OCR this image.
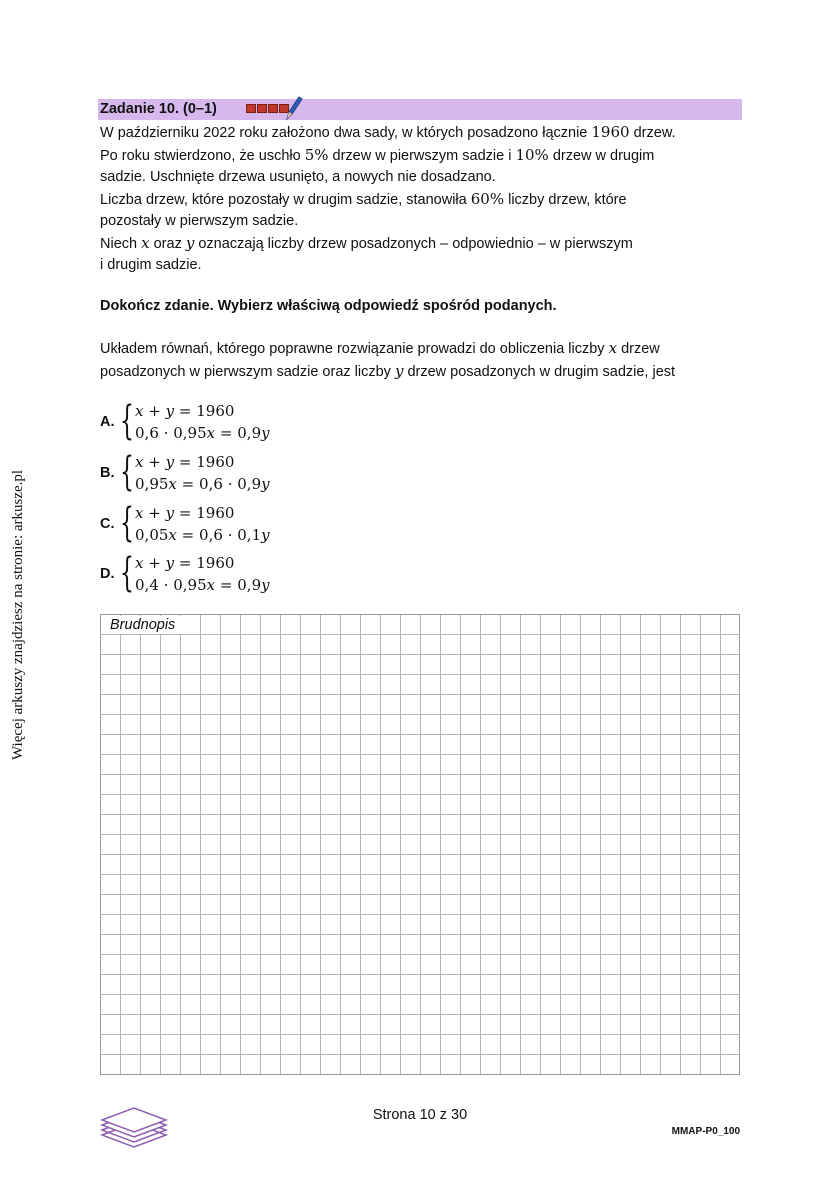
Więcej arkuszy znajdziesz na stronie: arkusze.pl
Zadanie 10. (0–1)
W październiku 2022 roku założono dwa sady, w których posadzono łącznie 1960 drzew.
Po roku stwierdzono, że uschło 5% drzew w pierwszym sadzie i 10% drzew w drugim
sadzie. Uschnięte drzewa usunięto, a nowych nie dosadzano.
Liczba drzew, które pozostały w drugim sadzie, stanowiła 60% liczby drzew, które
pozostały w pierwszym sadzie.
Niech x oraz y oznaczają liczby drzew posadzonych – odpowiednio – w pierwszym
i drugim sadzie.
Dokończ zdanie. Wybierz właściwą odpowiedź spośród podanych.
Układem równań, którego poprawne rozwiązanie prowadzi do obliczenia liczby x drzew
posadzonych w pierwszym sadzie oraz liczby y drzew posadzonych w drugim sadzie, jest
A. { x + y = 1960
0,6 · 0,95x = 0,9y
B. { x + y = 1960
0,95x = 0,6 · 0,9y
C. { x + y = 1960
0,05x = 0,6 · 0,1y
D. { x + y = 1960
0,4 · 0,95x = 0,9y
Brudnopis
Strona 10 z 30
MMAP-P0_100
